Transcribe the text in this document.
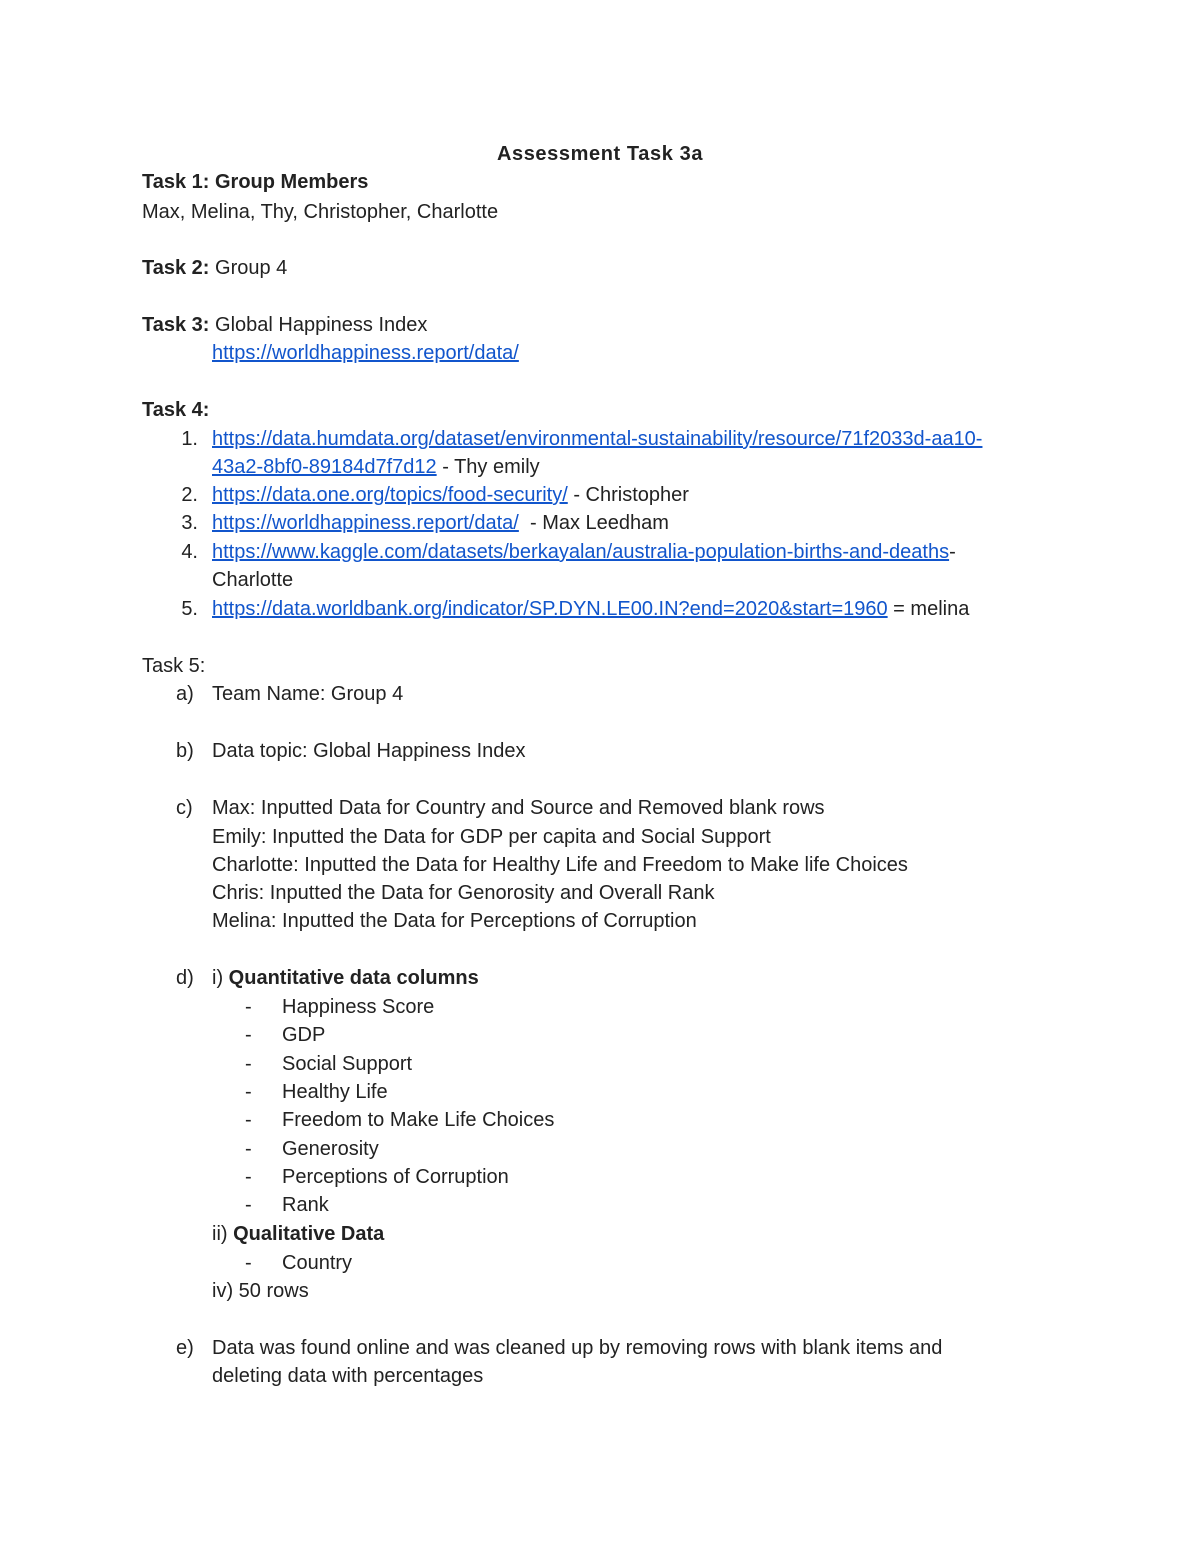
Assessment Task 3a
Task 1: Group Members
Max, Melina, Thy, Christopher, Charlotte
Task 2: Group 4
Task 3: Global Happiness Index
https://worldhappiness.report/data/
Task 4:
1. https://data.humdata.org/dataset/environmental-sustainability/resource/71f2033d-aa10-
43a2-8bf0-89184d7f7d12 - Thy emily
2. https://data.one.org/topics/food-security/ - Christopher
3. https://worldhappiness.report/data/  - Max Leedham
4. https://www.kaggle.com/datasets/berkayalan/australia-population-births-and-deaths-
Charlotte
5. https://data.worldbank.org/indicator/SP.DYN.LE00.IN?end=2020&start=1960 = melina
Task 5:
a) Team Name: Group 4
b) Data topic: Global Happiness Index
c) Max: Inputted Data for Country and Source and Removed blank rows
Emily: Inputted the Data for GDP per capita and Social Support
Charlotte: Inputted the Data for Healthy Life and Freedom to Make life Choices
Chris: Inputted the Data for Genorosity and Overall Rank
Melina: Inputted the Data for Perceptions of Corruption
d) i) Quantitative data columns
- Happiness Score
- GDP
- Social Support
- Healthy Life
- Freedom to Make Life Choices
- Generosity
- Perceptions of Corruption
- Rank
ii) Qualitative Data
- Country
iv) 50 rows
e) Data was found online and was cleaned up by removing rows with blank items and
deleting data with percentages
